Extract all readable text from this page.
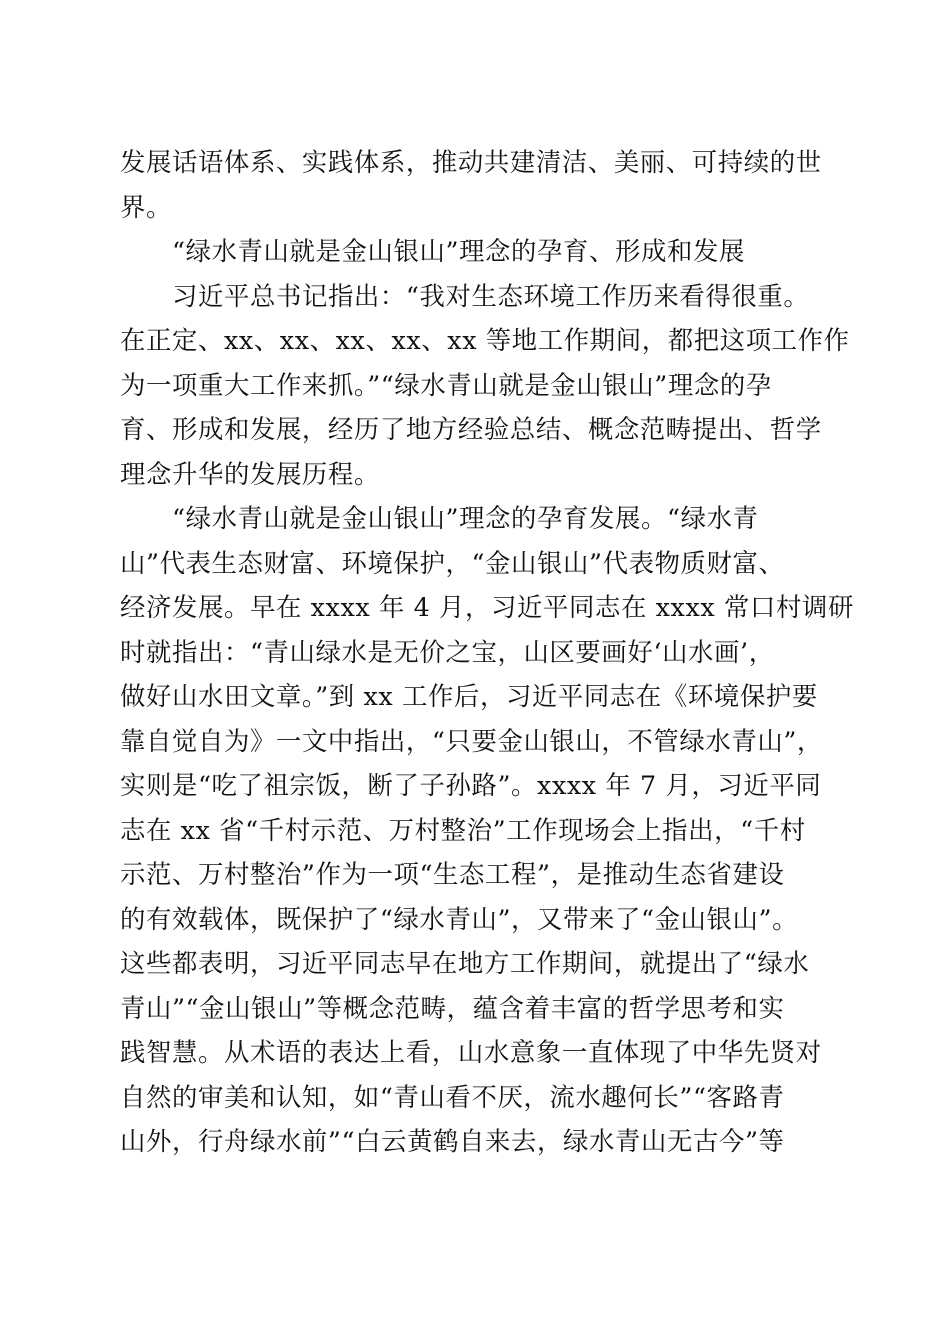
发展话语体系、实践体系，推动共建清洁、美丽、可持续的世
界。
“绿水青山就是金山银山”理念的孕育、形成和发展
习近平总书记指出：“我对生态环境工作历来看得很重。
在正定、xx、xx、xx、xx、xx 等地工作期间，都把这项工作作
为一项重大工作来抓。”“绿水青山就是金山银山”理念的孕
育、形成和发展，经历了地方经验总结、概念范畴提出、哲学
理念升华的发展历程。
“绿水青山就是金山银山”理念的孕育发展。“绿水青
山”代表生态财富、环境保护，“金山银山”代表物质财富、
经济发展。早在 xxxx 年 4 月，习近平同志在 xxxx 常口村调研
时就指出：“青山绿水是无价之宝，山区要画好‘山水画’，
做好山水田文章。”到 xx 工作后，习近平同志在《环境保护要
靠自觉自为》一文中指出，“只要金山银山，不管绿水青山”，
实则是“吃了祖宗饭，断了子孙路”。xxxx 年 7 月，习近平同
志在 xx 省“千村示范、万村整治”工作现场会上指出，“千村
示范、万村整治”作为一项“生态工程”，是推动生态省建设
的有效载体，既保护了“绿水青山”，又带来了“金山银山”。
这些都表明，习近平同志早在地方工作期间，就提出了“绿水
青山”“金山银山”等概念范畴，蕴含着丰富的哲学思考和实
践智慧。从术语的表达上看，山水意象一直体现了中华先贤对
自然的审美和认知，如“青山看不厌，流水趣何长”“客路青
山外，行舟绿水前”“白云黄鹤自来去，绿水青山无古今”等
